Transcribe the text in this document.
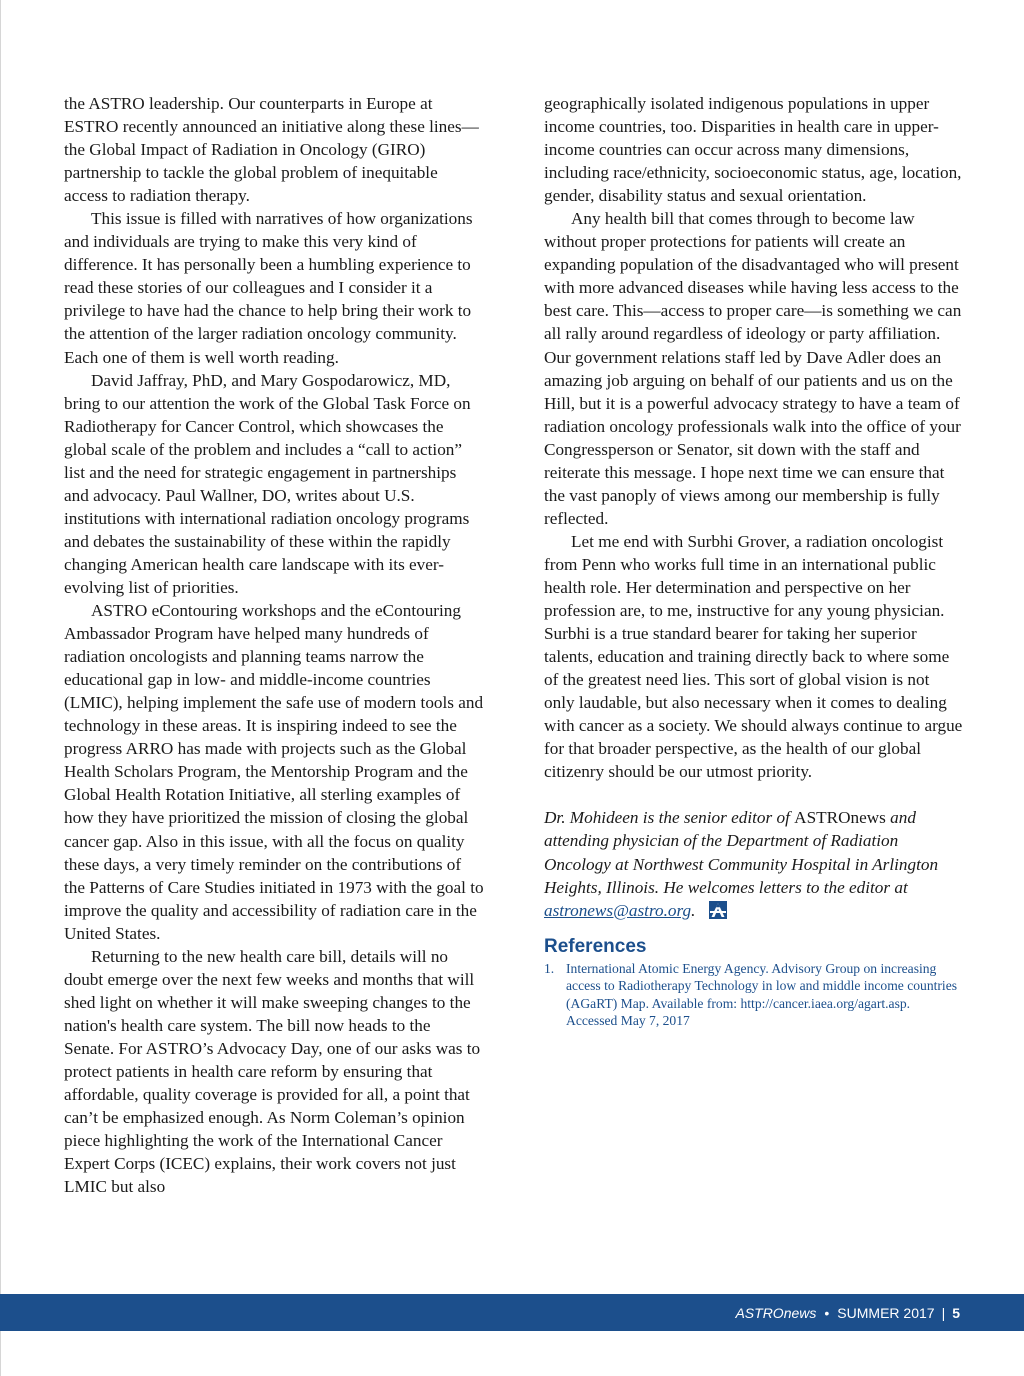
the ASTRO leadership. Our counterparts in Europe at ESTRO recently announced an initiative along these lines—the Global Impact of Radiation in Oncology (GIRO) partnership to tackle the global problem of inequitable access to radiation therapy.

This issue is filled with narratives of how organizations and individuals are trying to make this very kind of difference. It has personally been a humbling experience to read these stories of our colleagues and I consider it a privilege to have had the chance to help bring their work to the attention of the larger radiation oncology community. Each one of them is well worth reading.

David Jaffray, PhD, and Mary Gospodarowicz, MD, bring to our attention the work of the Global Task Force on Radiotherapy for Cancer Control, which showcases the global scale of the problem and includes a “call to action” list and the need for strategic engagement in partnerships and advocacy. Paul Wallner, DO, writes about U.S. institutions with international radiation oncology programs and debates the sustainability of these within the rapidly changing American health care landscape with its ever-evolving list of priorities.

ASTRO eContouring workshops and the eContouring Ambassador Program have helped many hundreds of radiation oncologists and planning teams narrow the educational gap in low- and middle-income countries (LMIC), helping implement the safe use of modern tools and technology in these areas. It is inspiring indeed to see the progress ARRO has made with projects such as the Global Health Scholars Program, the Mentorship Program and the Global Health Rotation Initiative, all sterling examples of how they have prioritized the mission of closing the global cancer gap. Also in this issue, with all the focus on quality these days, a very timely reminder on the contributions of the Patterns of Care Studies initiated in 1973 with the goal to improve the quality and accessibility of radiation care in the United States.

Returning to the new health care bill, details will no doubt emerge over the next few weeks and months that will shed light on whether it will make sweeping changes to the nation's health care system. The bill now heads to the Senate. For ASTRO’s Advocacy Day, one of our asks was to protect patients in health care reform by ensuring that affordable, quality coverage is provided for all, a point that can’t be emphasized enough. As Norm Coleman’s opinion piece highlighting the work of the International Cancer Expert Corps (ICEC) explains, their work covers not just LMIC but also

geographically isolated indigenous populations in upper income countries, too. Disparities in health care in upper-income countries can occur across many dimensions, including race/ethnicity, socioeconomic status, age, location, gender, disability status and sexual orientation.

Any health bill that comes through to become law without proper protections for patients will create an expanding population of the disadvantaged who will present with more advanced diseases while having less access to the best care. This—access to proper care—is something we can all rally around regardless of ideology or party affiliation. Our government relations staff led by Dave Adler does an amazing job arguing on behalf of our patients and us on the Hill, but it is a powerful advocacy strategy to have a team of radiation oncology professionals walk into the office of your Congressperson or Senator, sit down with the staff and reiterate this message. I hope next time we can ensure that the vast panoply of views among our membership is fully reflected.

Let me end with Surbhi Grover, a radiation oncologist from Penn who works full time in an international public health role. Her determination and perspective on her profession are, to me, instructive for any young physician. Surbhi is a true standard bearer for taking her superior talents, education and training directly back to where some of the greatest need lies. This sort of global vision is not only laudable, but also necessary when it comes to dealing with cancer as a society. We should always continue to argue for that broader perspective, as the health of our global citizenry should be our utmost priority.

Dr. Mohideen is the senior editor of ASTROnews and attending physician of the Department of Radiation Oncology at Northwest Community Hospital in Arlington Heights, Illinois. He welcomes letters to the editor at astronews@astro.org.

References

1. International Atomic Energy Agency. Advisory Group on increasing access to Radiotherapy Technology in low and middle income countries (AGaRT) Map. Available from: http://cancer.iaea.org/agart.asp. Accessed May 7, 2017
ASTROnews • SUMMER 2017 | 5
